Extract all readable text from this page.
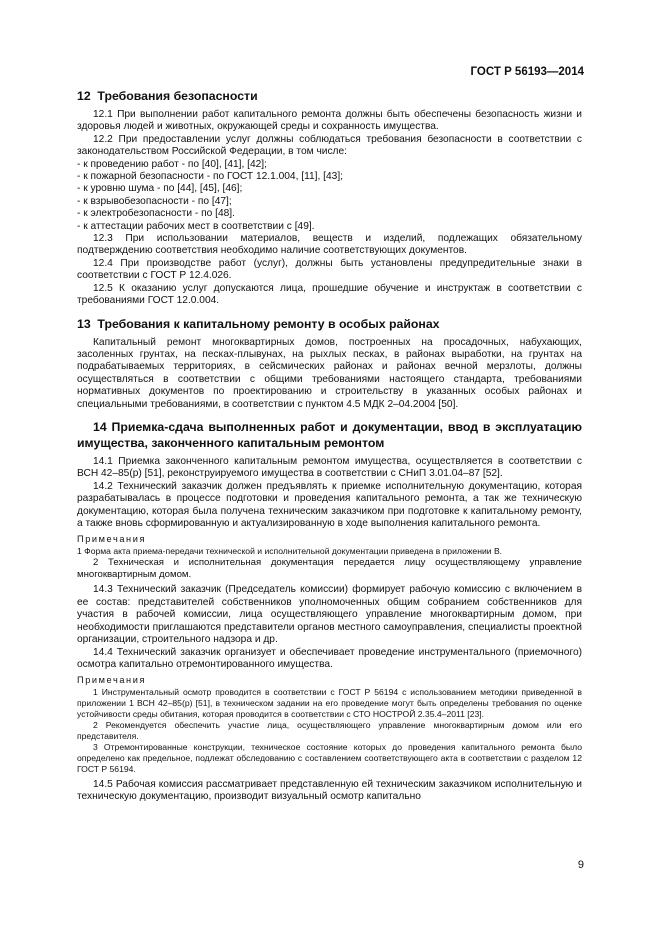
ГОСТ Р 56193—2014
12 Требования безопасности

12.1 При выполнении работ капитального ремонта должны быть обеспечены безопасность жизни и здоровья людей и животных, окружающей среды и сохранность имущества.

12.2 При предоставлении услуг должны соблюдаться требования безопасности в соответствии с законодательством Российской Федерации, в том числе:

- к проведению работ - по [40], [41], [42];

- к пожарной безопасности - по ГОСТ 12.1.004, [11], [43];

- к уровню шума - по [44], [45], [46];

- к взрывобезопасности - по [47];

- к электробезопасности - по [48].

- к аттестации рабочих мест в соответствии с [49].

12.3 При использовании материалов, веществ и изделий, подлежащих обязательному подтверждению соответствия необходимо наличие соответствующих документов.

12.4 При производстве работ (услуг), должны быть установлены предупредительные знаки в соответствии с ГОСТ Р 12.4.026.

12.5 К оказанию услуг допускаются лица, прошедшие обучение и инструктаж в соответствии с требованиями ГОСТ 12.0.004.

13 Требования к капитальному ремонту в особых районах

Капитальный ремонт многоквартирных домов, построенных на просадочных, набухающих, засоленных грунтах, на песках-плывунах, на рыхлых песках, в районах выработки, на грунтах на подрабатываемых территориях, в сейсмических районах и районах вечной мерзлоты, должны осуществляться в соответствии с общими требованиями настоящего стандарта, требованиями нормативных документов по проектированию и строительству в указанных особых районах и специальными требованиями, в соответствии с пунктом 4.5 МДК 2–04.2004 [50].

14 Приемка-сдача выполненных работ и документации, ввод в эксплуатацию имущества, законченного капитальным ремонтом

14.1 Приемка законченного капитальным ремонтом имущества, осуществляется в соответствии с ВСН 42–85(р) [51], реконструируемого имущества в соответствии с СНиП 3.01.04–87 [52].

14.2 Технический заказчик должен предъявлять к приемке исполнительную документацию, которая разрабатывалась в процессе подготовки и проведения капитального ремонта, а так же техническую документацию, которая была получена техническим заказчиком при подготовке к капитальному ремонту, а также вновь сформированную и актуализированную в ходе выполнения капитального ремонта.

Примечания

1 Форма акта приема-передачи технической и исполнительной документации приведена в приложении В.

2 Техническая и исполнительная документация передается лицу осуществляющему управление многоквартирным домом.

14.3 Технический заказчик (Председатель комиссии) формирует рабочую комиссию с включением в ее состав: представителей собственников уполномоченных общим собранием собственников для участия в рабочей комиссии, лица осуществляющего управление многоквартирным домом, при необходимости приглашаются представители органов местного самоуправления, специалисты проектной организации, строительного надзора и др.

14.4 Технический заказчик организует и обеспечивает проведение инструментального (приемочного) осмотра капитально отремонтированного имущества.

Примечания

1 Инструментальный осмотр проводится в соответствии с ГОСТ Р 56194 с использованием методики приведенной в приложении 1 ВСН 42–85(р) [51], в техническом задании на его проведение могут быть определены требования по оценке устойчивости среды обитания, которая проводится в соответствии с СТО НОСТРОЙ 2.35.4–2011 [23].

2 Рекомендуется обеспечить участие лица, осуществляющего управление многоквартирным домом или его представителя.

3 Отремонтированные конструкции, техническое состояние которых до проведения капитального ремонта было определено как предельное, подлежат обследованию с составлением соответствующего акта в соответствии с разделом 12 ГОСТ Р 56194.

14.5 Рабочая комиссия рассматривает представленную ей техническим заказчиком исполнительную и техническую документацию, производит визуальный осмотр капитально

9
